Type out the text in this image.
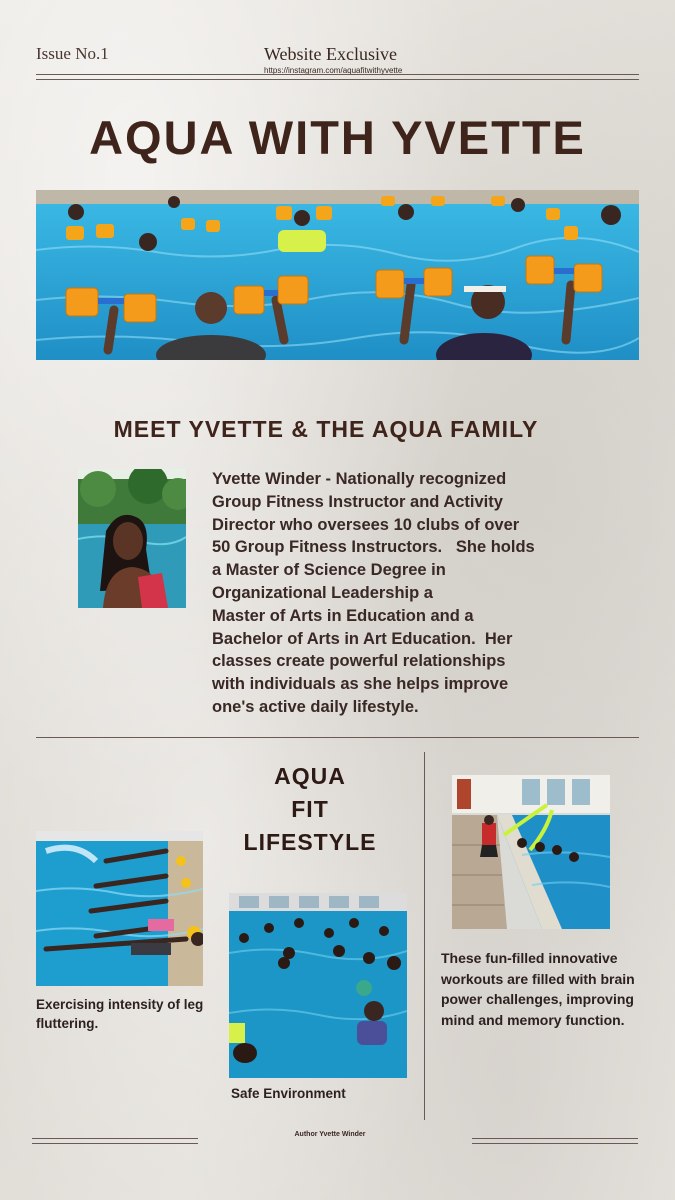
Issue No.1	Website Exclusive
https://instagram.com/aquafitwithyvette
AQUA WITH YVETTE
MEET YVETTE & THE AQUA FAMILY
Yvette Winder - Nationally recognized
Group Fitness Instructor and Activity
Director who oversees 10 clubs of over
50 Group Fitness Instructors.   She holds
a Master of Science Degree in
Organizational Leadership a
Master of Arts in Education and a
Bachelor of Arts in Art Education.  Her
classes create powerful relationships
with individuals as she helps improve
one's active daily lifestyle.
AQUA
FIT
LIFESTYLE
Exercising intensity of leg fluttering.
Safe Environment
These fun-filled innovative workouts are filled with brain power challenges, improving mind and memory function.
Author Yvette Winder
